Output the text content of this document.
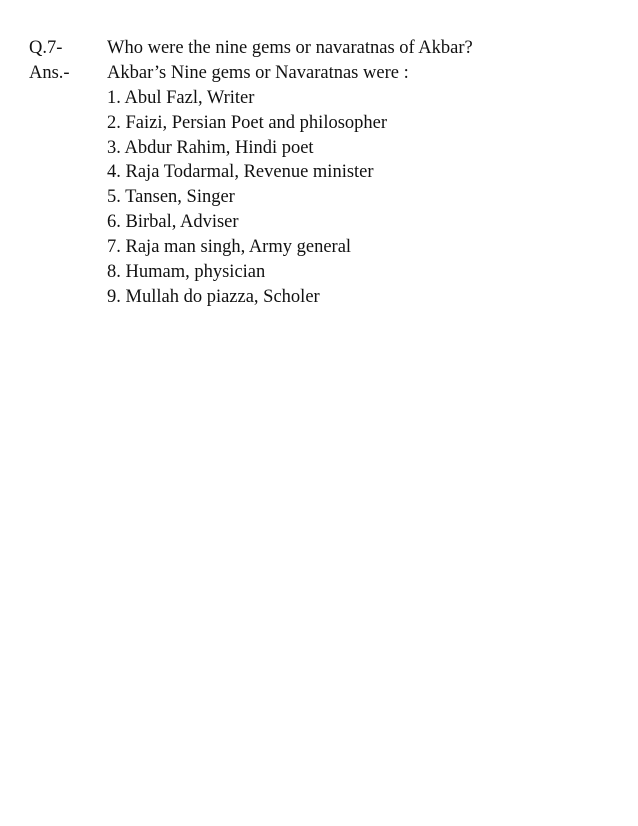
Q.7- Who were the nine gems or navaratnas of Akbar?
Ans.- Akbar’s Nine gems or Navaratnas were :
1. Abul Fazl, Writer
2. Faizi, Persian Poet and philosopher
3. Abdur Rahim, Hindi poet
4. Raja Todarmal, Revenue minister
5. Tansen, Singer
6. Birbal, Adviser
7. Raja man singh, Army general
8. Humam, physician
9. Mullah do piazza, Scholer
